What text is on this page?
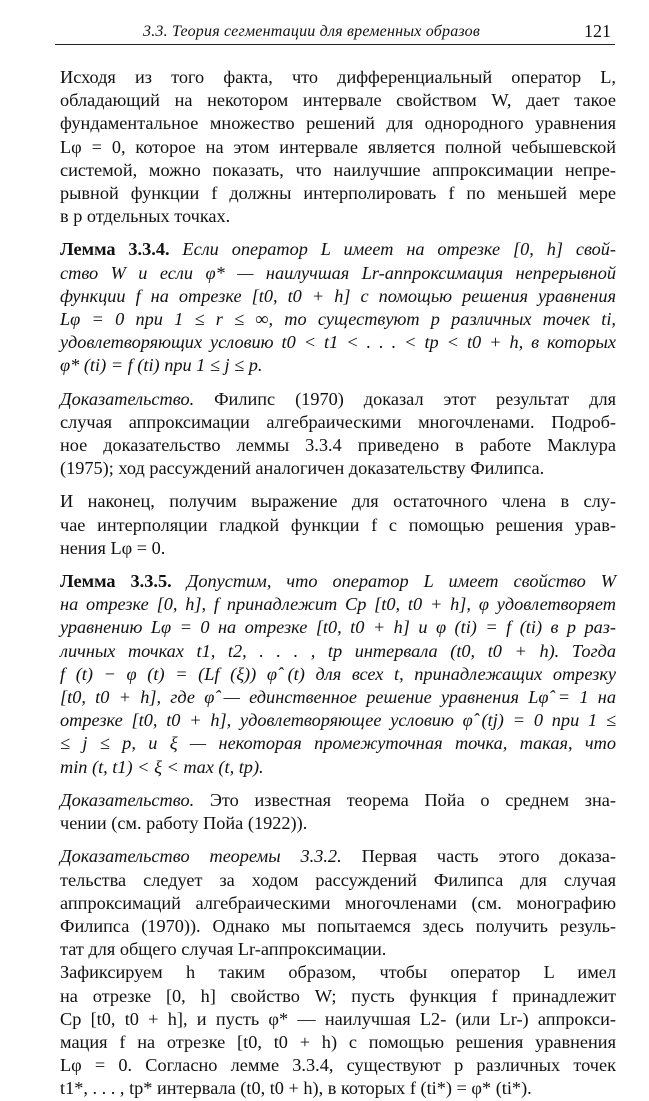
3.3. Теория сегментации для временных образов	121

Исходя из того факта, что дифференциальный оператор L,
обладающий на некотором интервале свойством W, дает такое
фундаментальное множество решений для однородного уравнения
Lφ = 0, которое на этом интервале является полной чебышевской
системой, можно показать, что наилучшие аппроксимации непре-
рывной функции f должны интерполировать f по меньшей мере
в p отдельных точках.

Лемма 3.3.4. Если оператор L имеет на отрезке [0, h] свой-
ство W и если φ* — наилучшая Lr-аппроксимация непрерывной
функции f на отрезке [t0, t0 + h] с помощью решения уравнения
Lφ = 0 при 1 ≤ r ≤ ∞, то существуют p различных точек ti,
удовлетворяющих условию t0 < t1 < . . . < tp < t0 + h, в которых
φ* (ti) = f (ti) при 1 ≤ j ≤ p.

Доказательство. Филипс (1970) доказал этот результат для
случая аппроксимации алгебраическими многочленами. Подроб-
ное доказательство леммы 3.3.4 приведено в работе Маклура
(1975); ход рассуждений аналогичен доказательству Филипса.

И наконец, получим выражение для остаточного члена в слу-
чае интерполяции гладкой функции f с помощью решения урав-
нения Lφ = 0.

Лемма 3.3.5. Допустим, что оператор L имеет свойство W
на отрезке [0, h], f принадлежит Cp [t0, t0 + h], φ удовлетворяет
уравнению Lφ = 0 на отрезке [t0, t0 + h] и φ (ti) = f (ti) в p раз-
личных точках t1, t2, . . . , tp интервала (t0, t0 + h). Тогда
f (t) − φ (t) = (Lf (ξ)) φ̂ (t) для всех t, принадлежащих отрезку
[t0, t0 + h], где φ̂ — единственное решение уравнения Lφ̂ = 1 на
отрезке [t0, t0 + h], удовлетворяющее условию φ̂ (tj) = 0 при 1 ≤
≤ j ≤ p, и ξ — некоторая промежуточная точка, такая, что
min (t, t1) < ξ < max (t, tp).

Доказательство. Это известная теорема Пойа о среднем зна-
чении (см. работу Пойа (1922)).

Доказательство теоремы 3.3.2. Первая часть этого доказа-
тельства следует за ходом рассуждений Филипса для случая
аппроксимаций алгебраическими многочленами (см. монографию
Филипса (1970)). Однако мы попытаемся здесь получить резуль-
тат для общего случая Lr-аппроксимации.

Зафиксируем h таким образом, чтобы оператор L имел
на отрезке [0, h] свойство W; пусть функция f принадлежит
Cp [t0, t0 + h], и пусть φ* — наилучшая L2- (или Lr-) аппрокси-
мация f на отрезке [t0, t0 + h) с помощью решения уравнения
Lφ = 0. Согласно лемме 3.3.4, существуют p различных точек
t1*, . . . , tp* интервала (t0, t0 + h), в которых f (ti*) = φ* (ti*).
